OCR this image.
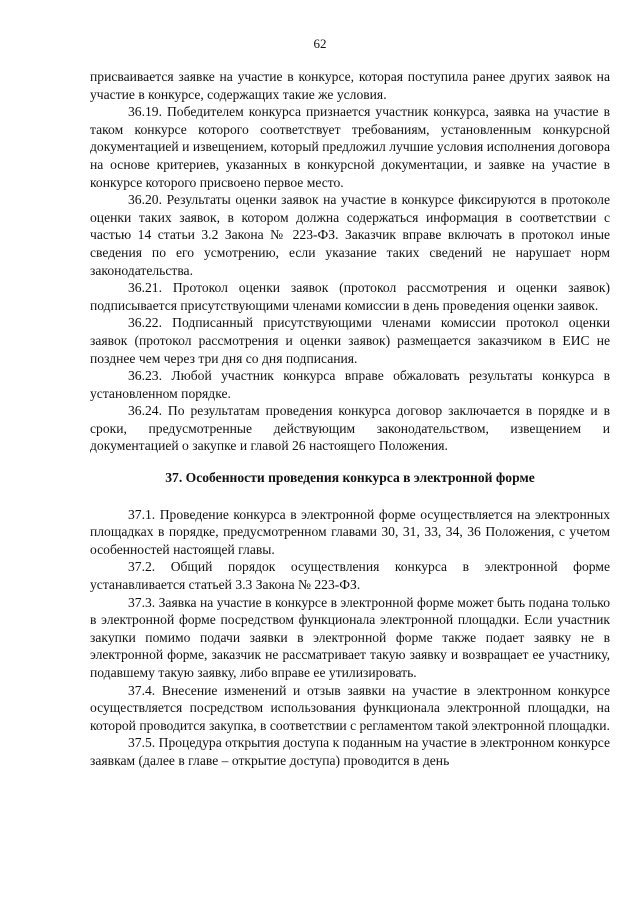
62

присваивается заявке на участие в конкурсе, которая поступила ранее других заявок на участие в конкурсе, содержащих такие же условия.

36.19. Победителем конкурса признается участник конкурса, заявка на участие в таком конкурсе которого соответствует требованиям, установленным конкурсной документацией и извещением, который предложил лучшие условия исполнения договора на основе критериев, указанных в конкурсной документации, и заявке на участие в конкурсе которого присвоено первое место.

36.20. Результаты оценки заявок на участие в конкурсе фиксируются в протоколе оценки таких заявок, в котором должна содержаться информация в соответствии с частью 14 статьи 3.2 Закона № 223-ФЗ. Заказчик вправе включать в протокол иные сведения по его усмотрению, если указание таких сведений не нарушает норм законодательства.

36.21. Протокол оценки заявок (протокол рассмотрения и оценки заявок) подписывается присутствующими членами комиссии в день проведения оценки заявок.

36.22. Подписанный присутствующими членами комиссии протокол оценки заявок (протокол рассмотрения и оценки заявок) размещается заказчиком в ЕИС не позднее чем через три дня со дня подписания.

36.23. Любой участник конкурса вправе обжаловать результаты конкурса в установленном порядке.

36.24. По результатам проведения конкурса договор заключается в порядке и в сроки, предусмотренные действующим законодательством, извещением и документацией о закупке и главой 26 настоящего Положения.

37. Особенности проведения конкурса в электронной форме

37.1. Проведение конкурса в электронной форме осуществляется на электронных площадках в порядке, предусмотренном главами 30, 31, 33, 34, 36 Положения, с учетом особенностей настоящей главы.

37.2. Общий порядок осуществления конкурса в электронной форме устанавливается статьей 3.3 Закона № 223-ФЗ.

37.3. Заявка на участие в конкурсе в электронной форме может быть подана только в электронной форме посредством функционала электронной площадки. Если участник закупки помимо подачи заявки в электронной форме также подает заявку не в электронной форме, заказчик не рассматривает такую заявку и возвращает ее участнику, подавшему такую заявку, либо вправе ее утилизировать.

37.4. Внесение изменений и отзыв заявки на участие в электронном конкурсе осуществляется посредством использования функционала электронной площадки, на которой проводится закупка, в соответствии с регламентом такой электронной площадки.

37.5. Процедура открытия доступа к поданным на участие в электронном конкурсе заявкам (далее в главе – открытие доступа) проводится в день
